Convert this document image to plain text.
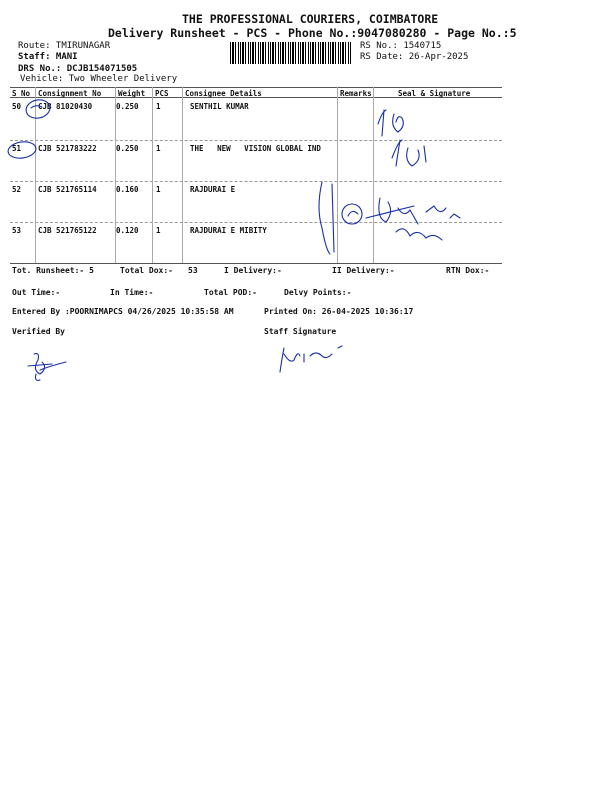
THE PROFESSIONAL COURIERS, COIMBATORE
Delivery Runsheet - PCS - Phone No.:9047080280 - Page No.:5
Route: TMIRUNAGAR
Staff: MANI
DRS No.: DCJB154071505
Vehicle: Two Wheeler Delivery
RS No.: 1540715
RS Date: 26-Apr-2025
S No Consignment No Weight PCS Consignee Details	Remarks	Seal & Signature
50 CJB 81020430	0.250 1	SENTHIL KUMAR
51 CJB 521783222	0.250 1	THE   NEW   VISION GLOBAL IND
52 CJB 521765114	0.160 1	RAJDURAI E
53 CJB 521765122	0.120 1	RAJDURAI E MIBITY
Tot. Runsheet:- 5	Total Dox:- 53	I Delivery:-	II Delivery:-	RTN Dox:-
Out Time:-	In Time:-	Total POD:-	Delvy Points:-
Entered By :POORNIMAPCS 04/26/2025 10:35:58 AM	Printed On: 26-04-2025 10:36:17
Verified By	Staff Signature
